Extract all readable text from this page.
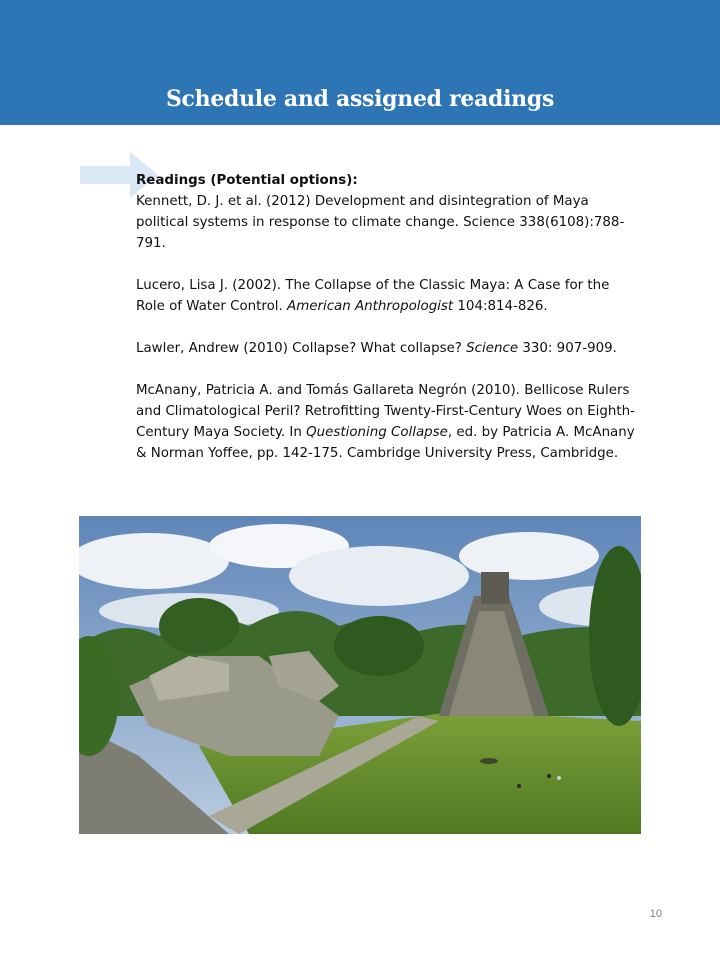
Schedule and assigned readings
Readings (Potential options):

Kennett, D. J. et al. (2012) Development and disintegration of Maya political systems in response to climate change. Science 338(6108):788-791.

Lucero, Lisa J. (2002). The Collapse of the Classic Maya: A Case for the Role of Water Control. American Anthropologist 104:814-826.

Lawler, Andrew (2010) Collapse? What collapse? Science 330: 907-909.

McAnany, Patricia A. and Tomás Gallareta Negrón (2010). Bellicose Rulers and Climatological Peril? Retrofitting Twenty-First-Century Woes on Eighth-Century Maya Society. In Questioning Collapse, ed. by Patricia A. McAnany & Norman Yoffee, pp. 142-175. Cambridge University Press, Cambridge.

10
